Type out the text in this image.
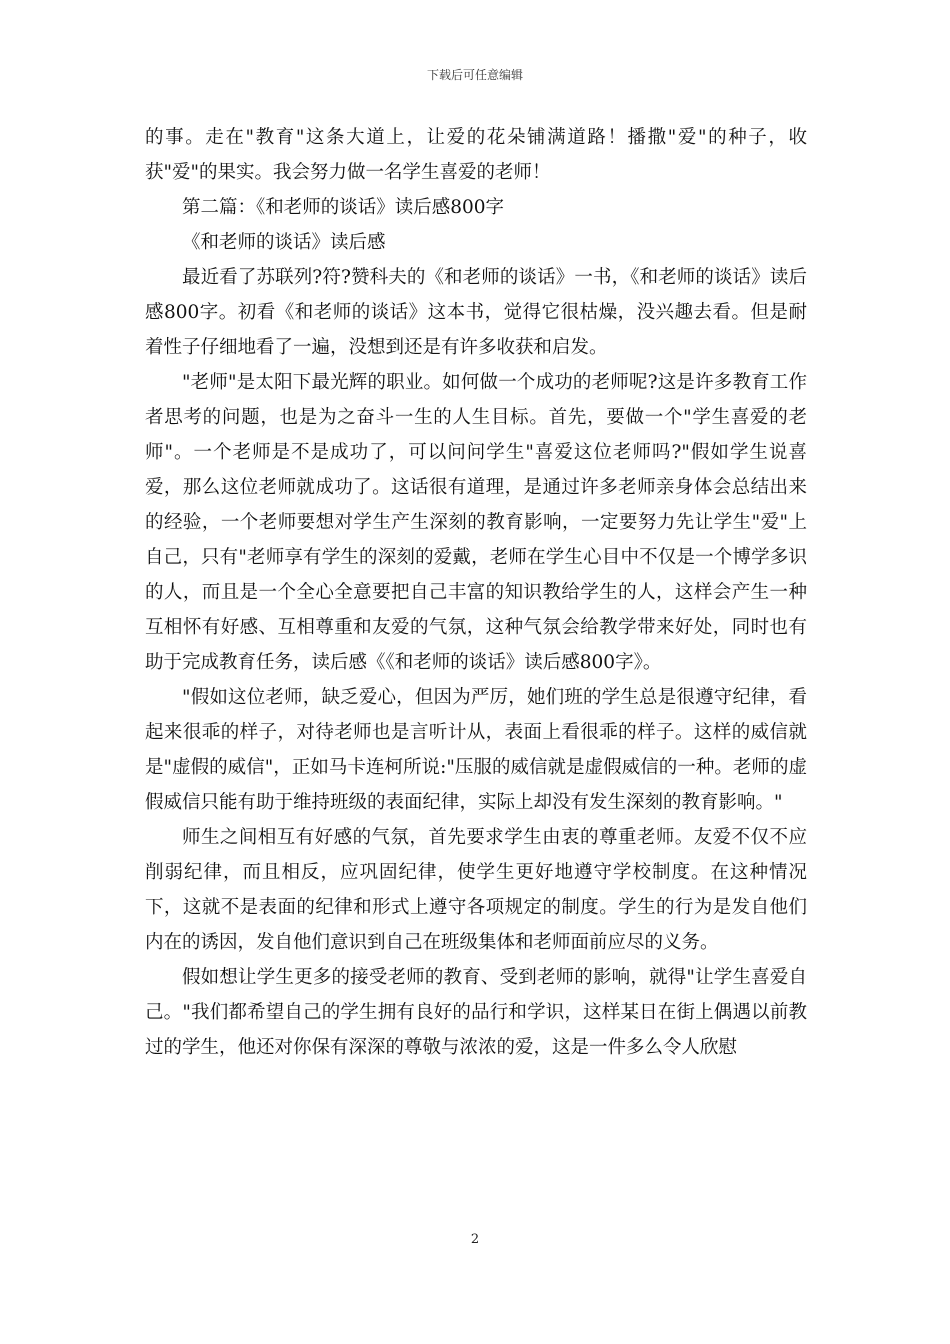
下载后可任意编辑

的事。走在"教育"这条大道上，让爱的花朵铺满道路！播撒"爱"的种子，收获"爱"的果实。我会努力做一名学生喜爱的老师！

第二篇：《和老师的谈话》读后感800字

《和老师的谈话》读后感

最近看了苏联列?符?赞科夫的《和老师的谈话》一书，《和老师的谈话》读后感800字。初看《和老师的谈话》这本书，觉得它很枯燥，没兴趣去看。但是耐着性子仔细地看了一遍，没想到还是有许多收获和启发。

"老师"是太阳下最光辉的职业。如何做一个成功的老师呢?这是许多教育工作者思考的问题，也是为之奋斗一生的人生目标。首先，要做一个"学生喜爱的老师"。一个老师是不是成功了，可以问问学生"喜爱这位老师吗?"假如学生说喜爱，那么这位老师就成功了。这话很有道理，是通过许多老师亲身体会总结出来的经验，一个老师要想对学生产生深刻的教育影响，一定要努力先让学生"爱"上自己，只有"老师享有学生的深刻的爱戴，老师在学生心目中不仅是一个博学多识的人，而且是一个全心全意要把自己丰富的知识教给学生的人，这样会产生一种互相怀有好感、互相尊重和友爱的气氛，这种气氛会给教学带来好处，同时也有助于完成教育任务，读后感《《和老师的谈话》读后感800字》。

"假如这位老师，缺乏爱心，但因为严厉，她们班的学生总是很遵守纪律，看起来很乖的样子，对待老师也是言听计从，表面上看很乖的样子。这样的威信就是"虚假的威信"，正如马卡连柯所说:"压服的威信就是虚假威信的一种。老师的虚假威信只能有助于维持班级的表面纪律，实际上却没有发生深刻的教育影响。"

师生之间相互有好感的气氛，首先要求学生由衷的尊重老师。友爱不仅不应削弱纪律，而且相反，应巩固纪律，使学生更好地遵守学校制度。在这种情况下，这就不是表面的纪律和形式上遵守各项规定的制度。学生的行为是发自他们内在的诱因，发自他们意识到自己在班级集体和老师面前应尽的义务。

假如想让学生更多的接受老师的教育、受到老师的影响，就得"让学生喜爱自己。"我们都希望自己的学生拥有良好的品行和学识，这样某日在街上偶遇以前教过的学生，他还对你保有深深的尊敬与浓浓的爱，这是一件多么令人欣慰

2
